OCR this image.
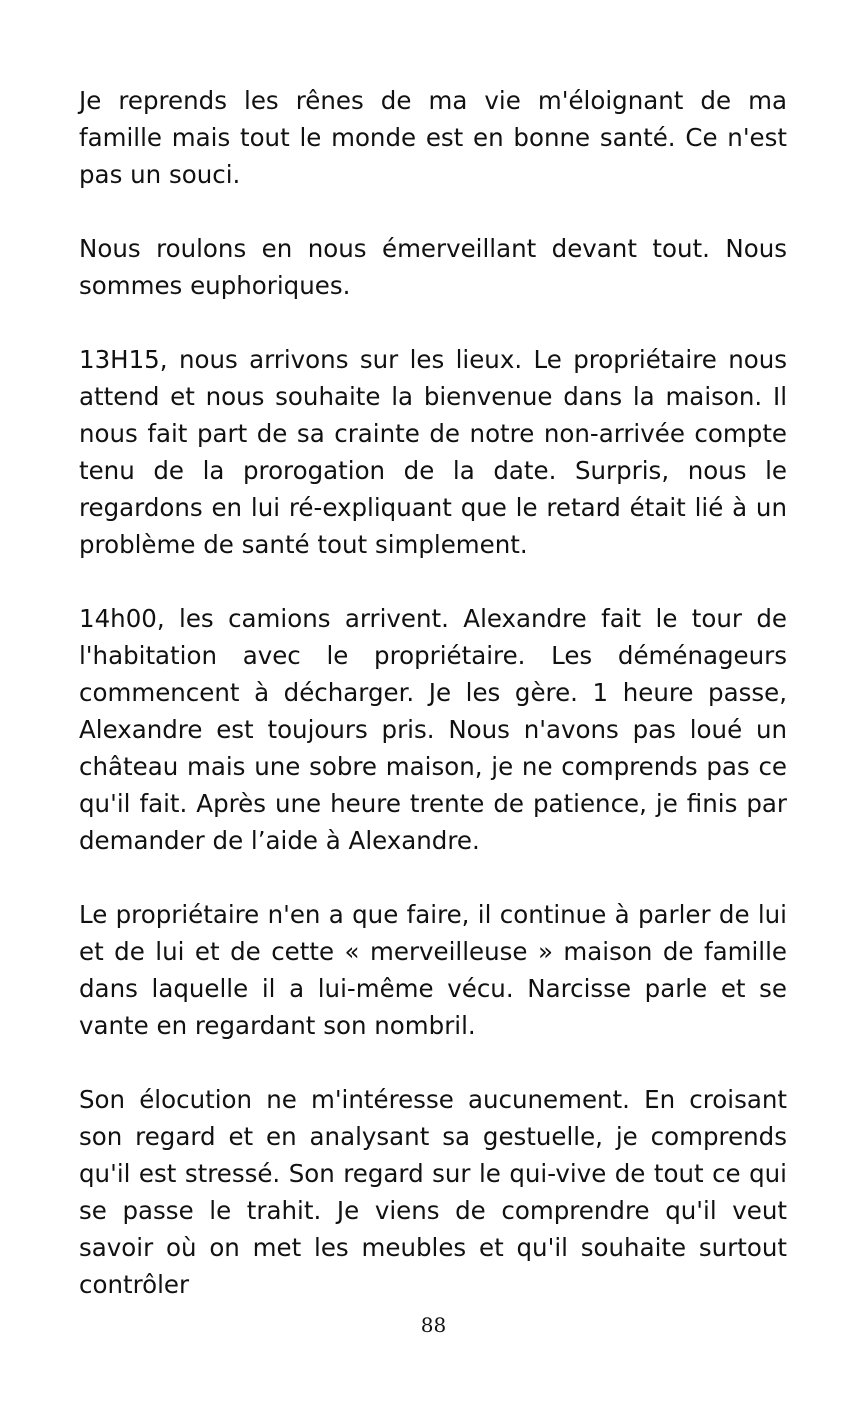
Je reprends les rênes de ma vie m'éloignant de ma famille mais tout le monde est en bonne santé. Ce n'est pas un souci.

Nous roulons en nous émerveillant devant tout. Nous sommes euphoriques.

13H15, nous arrivons sur les lieux. Le propriétaire nous attend et nous souhaite la bienvenue dans la maison. Il nous fait part de sa crainte de notre non-arrivée compte tenu de la prorogation de la date. Surpris, nous le regardons en lui ré-expliquant que le retard était lié à un problème de santé tout simplement.

14h00, les camions arrivent. Alexandre fait le tour de l'habitation avec le propriétaire. Les déménageurs commencent à décharger. Je les gère. 1 heure passe, Alexandre est toujours pris. Nous n'avons pas loué un château mais une sobre maison, je ne comprends pas ce qu'il fait. Après une heure trente de patience, je finis par demander de l’aide à Alexandre.

Le propriétaire n'en a que faire, il continue à parler de lui et de lui et de cette « merveilleuse » maison de famille dans laquelle il a lui-même vécu. Narcisse parle et se vante en regardant son nombril.

Son élocution ne m'intéresse aucunement. En croisant son regard et en analysant sa gestuelle, je comprends qu'il est stressé. Son regard sur le qui-vive de tout ce qui se passe le trahit. Je viens de comprendre qu'il veut savoir où on met les meubles et qu'il souhaite surtout contrôler

88
